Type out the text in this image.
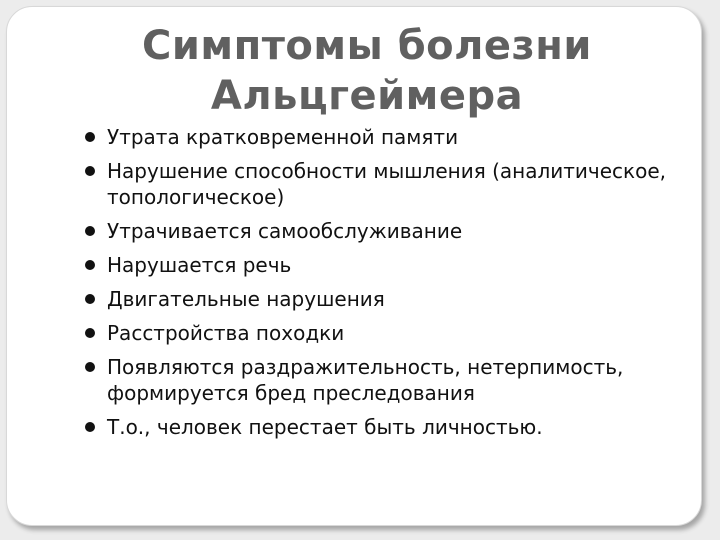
Симптомы болезни
Альцгеймера
Утрата кратковременной памяти
Нарушение способности мышления (аналитическое, топологическое)
Утрачивается самообслуживание
Нарушается речь
Двигательные нарушения
Расстройства походки
Появляются раздражительность, нетерпимость, формируется бред преследования
Т.о., человек перестает быть личностью.
